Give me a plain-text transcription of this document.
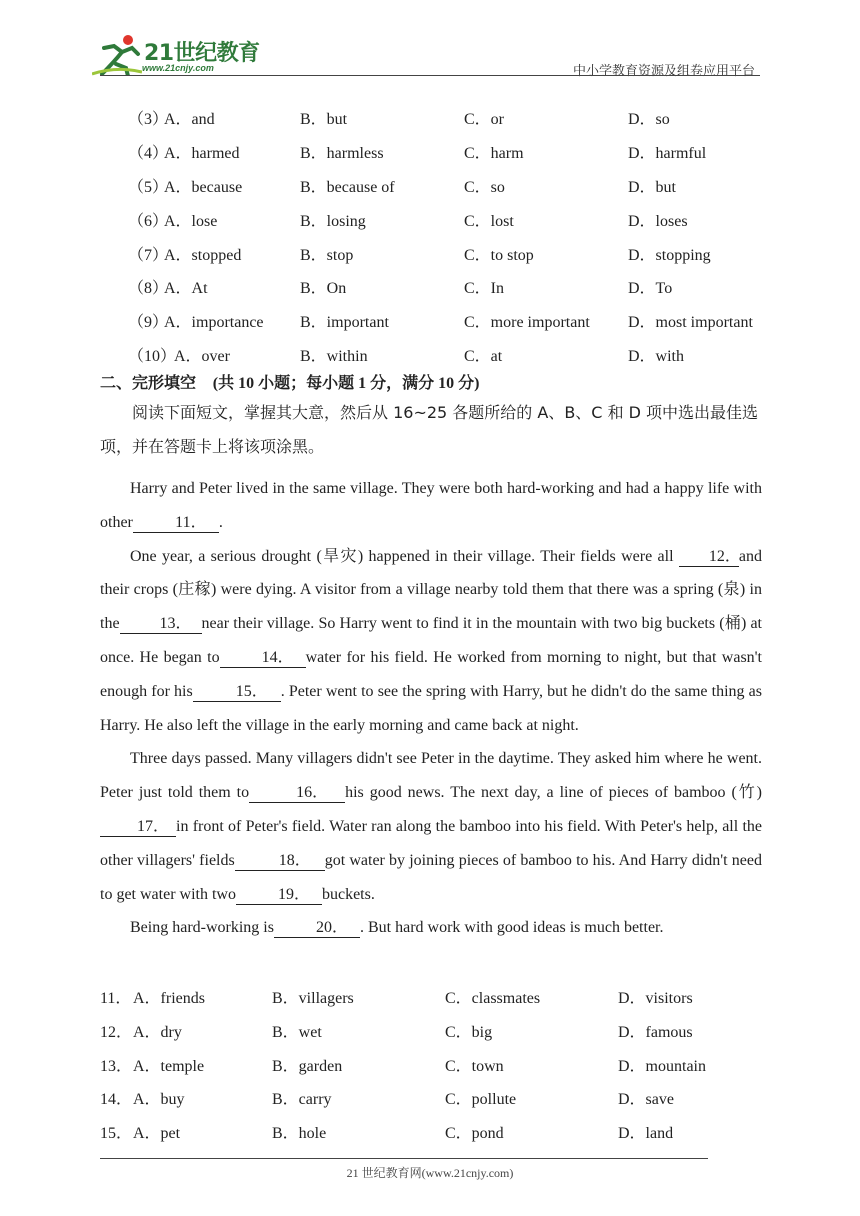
21世纪教育
www.21cnjy.com	中小学教育资源及组卷应用平台
（3）
A．and	B．but	C．or	D．so
（4）
A．harmed	B．harmless	C．harm	D．harmful
（5）
A．because	B．because of	C．so	D．but
（6）
A．lose	B．losing	C．lost	D．loses
（7）
A．stopped	B．stop	C．to stop	D．stopping
（8）
A．At	B．On	C．In	D．To
（9）
A．importance B．important	C．more important D．most important
（10）
A．over	B．within	C．at	D．with
二、完形填空 (共 10 小题；每小题 1 分，满分 10 分)
阅读下面短文，掌握其大意，然后从 16~25 各题所给的 A、B、C 和 D 项中选出最佳选项，并在答题卡上将该项涂黑。

Harry and Peter lived in the same village. They were both hard-working and had a happy life with other	11． .

One year, a serious drought (旱灾) happened in their village. Their fields were all 12．and their crops (庄稼) were dying. A visitor from a village nearby told them that there was a spring (泉) in the 13． near their village. So Harry went to find it in the mountain with two big buckets (桶) at once. He began to	14． water for his field. He worked from morning to night, but that wasn't enough for his	15． . Peter went to see the spring with Harry, but he didn't do the same thing as Harry. He also left the village in the early morning and came back at night.

Three days passed. Many villagers didn't see Peter in the daytime. They asked him where he went. Peter just told them to	16． his good news. The next day, a line of pieces of bamboo (竹)17． in front of Peter's field. Water ran along the bamboo into his field. With Peter's help, all the other villagers' fields	18． got water by joining pieces of bamboo to his. And Harry didn't need to get water with two	19． buckets.

Being hard-working is	20． . But hard work with good ideas is much better.

11． A．friends	B．villagers	C．classmates	D．visitors
12． A．dry	B．wet	C．big	D．famous
13． A．temple	B．garden	C．town	D．mountain
14． A．buy	B．carry	C．pollute	D．save
15． A．pet	B．hole	C．pond	D．land
21 世纪教育网(www.21cnjy.com)
